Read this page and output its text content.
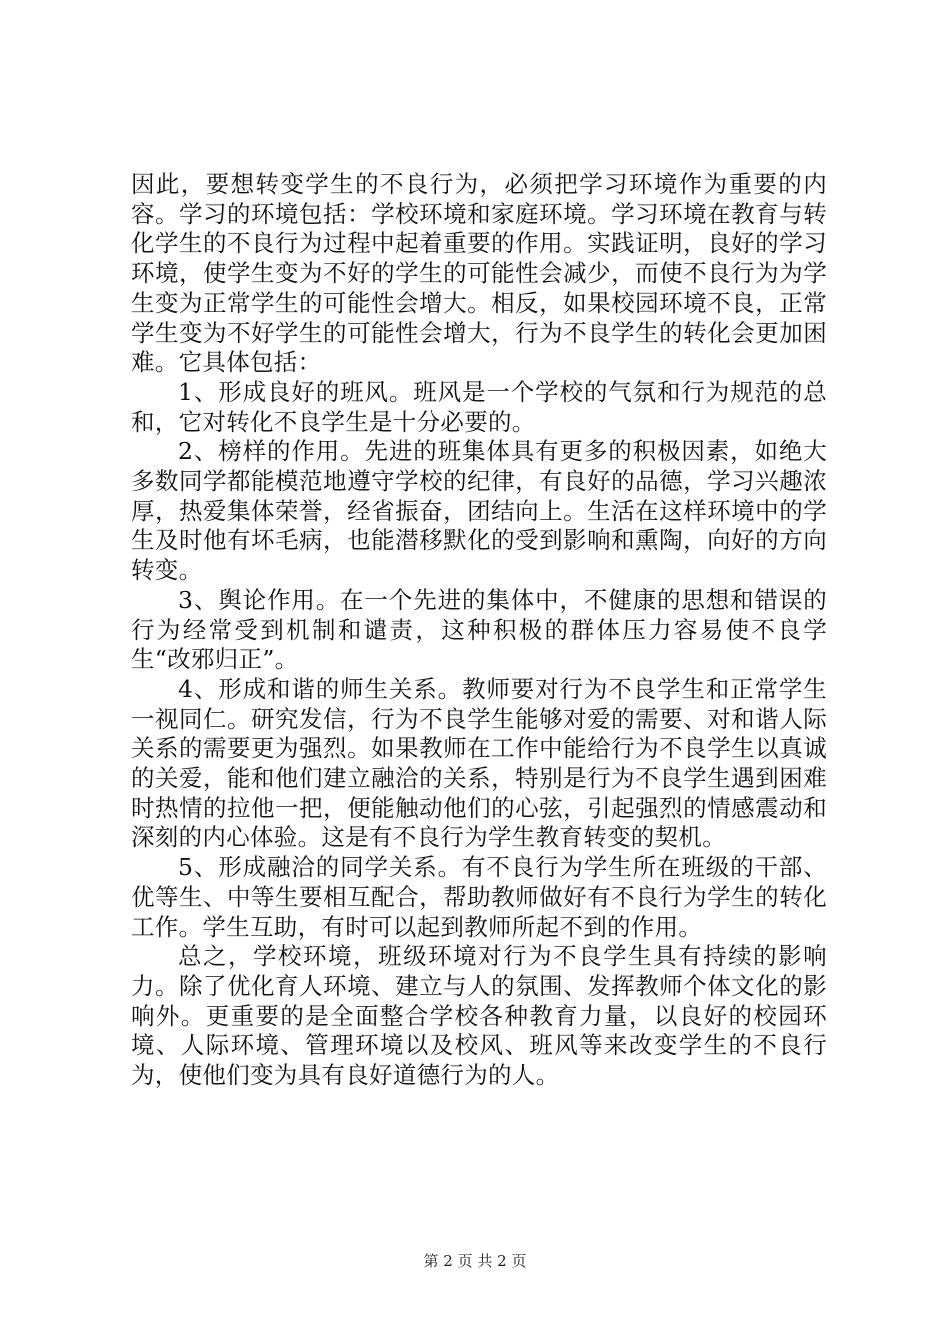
因此，要想转变学生的不良行为，必须把学习环境作为重要的内容。学习的环境包括：学校环境和家庭环境。学习环境在教育与转化学生的不良行为过程中起着重要的作用。实践证明，良好的学习环境，使学生变为不好的学生的可能性会减少，而使不良行为为学生变为正常学生的可能性会增大。相反，如果校园环境不良，正常学生变为不好学生的可能性会增大，行为不良学生的转化会更加困难。它具体包括：

1、形成良好的班风。班风是一个学校的气氛和行为规范的总和，它对转化不良学生是十分必要的。

2、榜样的作用。先进的班集体具有更多的积极因素，如绝大多数同学都能模范地遵守学校的纪律，有良好的品德，学习兴趣浓厚，热爱集体荣誉，经省振奋，团结向上。生活在这样环境中的学生及时他有坏毛病，也能潜移默化的受到影响和熏陶，向好的方向转变。

3、舆论作用。在一个先进的集体中，不健康的思想和错误的行为经常受到机制和谴责，这种积极的群体压力容易使不良学生“改邪归正”。

4、形成和谐的师生关系。教师要对行为不良学生和正常学生一视同仁。研究发信，行为不良学生能够对爱的需要、对和谐人际关系的需要更为强烈。如果教师在工作中能给行为不良学生以真诚的关爱，能和他们建立融洽的关系，特别是行为不良学生遇到困难时热情的拉他一把，便能触动他们的心弦，引起强烈的情感震动和深刻的内心体验。这是有不良行为学生教育转变的契机。

5、形成融洽的同学关系。有不良行为学生所在班级的干部、优等生、中等生要相互配合，帮助教师做好有不良行为学生的转化工作。学生互助，有时可以起到教师所起不到的作用。

总之，学校环境，班级环境对行为不良学生具有持续的影响力。除了优化育人环境、建立与人的氛围、发挥教师个体文化的影响外。更重要的是全面整合学校各种教育力量，以良好的校园环境、人际环境、管理环境以及校风、班风等来改变学生的不良行为，使他们变为具有良好道德行为的人。

第 2 页 共 2 页
